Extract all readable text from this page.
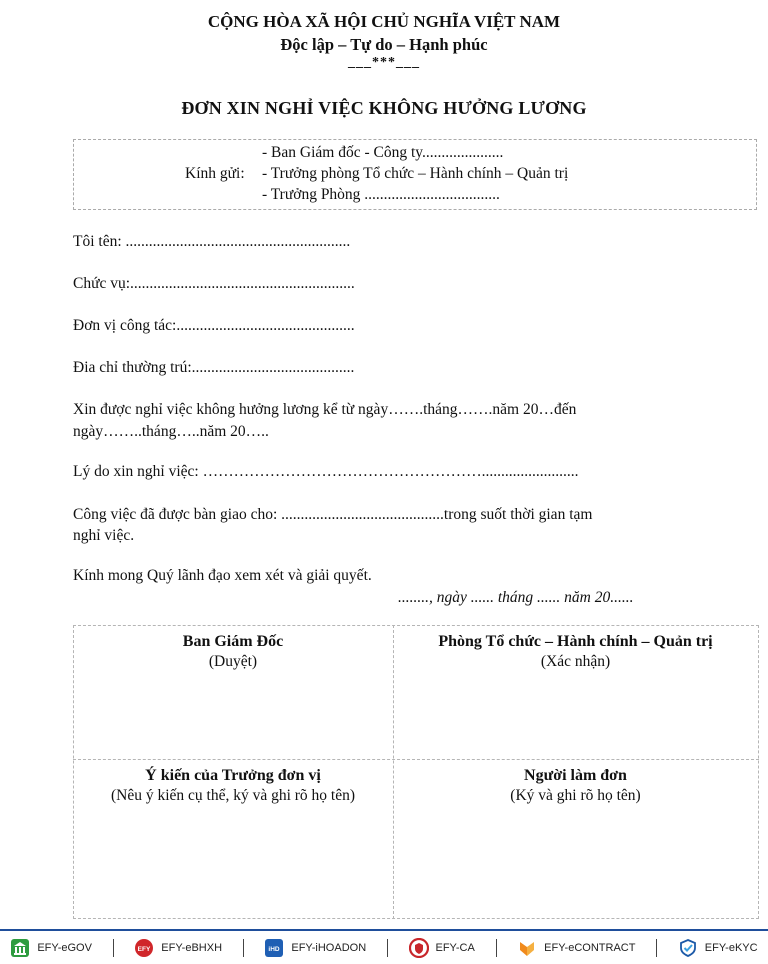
CỘNG HÒA XÃ HỘI CHỦ NGHĨA VIỆT NAM
Độc lập – Tự do – Hạnh phúc
___***___
ĐƠN XIN NGHỈ VIỆC KHÔNG HƯỞNG LƯƠNG
Kính gửi:
- Ban Giám đốc - Công ty.....................
- Trưởng phòng Tổ chức – Hành chính – Quản trị
- Trưởng Phòng ...................................
Tôi tên: ..........................................................
Chức vụ:..........................................................
Đơn vị công tác:..............................................
Đia chỉ thường trú:..........................................
Xin được nghỉ việc không hưởng lương kể từ ngày…….tháng…….năm 20…đến
ngày……..tháng…..năm 20…..
Lý do xin nghỉ việc: ……………………………………………….........................
Công việc đã được bàn giao cho: ..........................................trong suốt thời gian tạm
nghỉ việc.
Kính mong Quý lãnh đạo xem xét và giải quyết.
........, ngày ...... tháng ...... năm 20......
Ban Giám Đốc
(Duyệt)
Phòng Tổ chức – Hành chính – Quản trị
(Xác nhận)
Ý kiến của Trưởng đơn vị
(Nêu ý kiến cụ thể, ký và ghi rõ họ tên)
Người làm đơn
(Ký và ghi rõ họ tên)
EFY-eGOV	EFY EFY-eBHXH	iHD EFY-iHOADON	EFY-CA	EFY-eCONTRACT	EFY-eKYC
